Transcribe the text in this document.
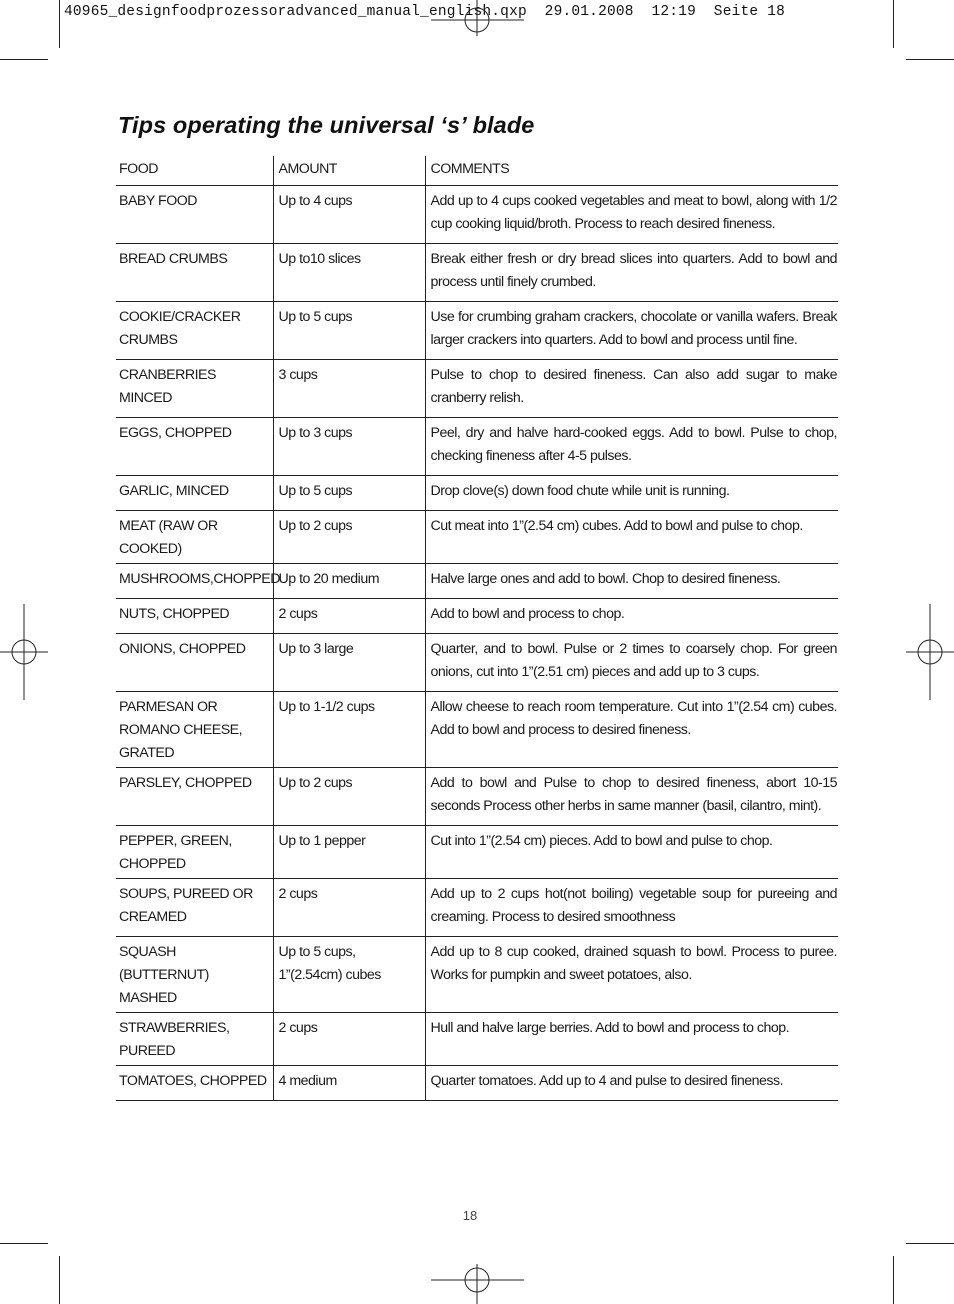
40965_designfoodprozessoradvanced_manual_english.qxp  29.01.2008  12:19  Seite 18
Tips operating the universal ‘s’ blade
FOOD	AMOUNT	COMMENTS
BABY FOOD	Up to 4 cups	Add up to 4 cups cooked vegetables and meat to bowl, along with 1/2 cup cooking liquid/broth. Process to reach desired fineness.
BREAD CRUMBS	Up to10 slices	Break either fresh or dry bread slices into quarters. Add to bowl and process until finely crumbed.
COOKIE/CRACKER CRUMBS	Up to 5 cups	Use for crumbing graham crackers, chocolate or vanilla wafers. Break larger crackers into quarters. Add to bowl and process until fine.
CRANBERRIES MINCED	3 cups	Pulse to chop to desired fineness. Can also add sugar to make cranberry relish.
EGGS, CHOPPED	Up to 3 cups	Peel, dry and halve hard-cooked eggs. Add to bowl. Pulse to chop, checking fineness after 4-5 pulses.
GARLIC, MINCED	Up to 5 cups	Drop clove(s) down food chute while unit is running.
MEAT (RAW OR COOKED)	Up to 2 cups	Cut meat into 1”(2.54 cm) cubes. Add to bowl and pulse to chop.
MUSHROOMS,CHOPPED	Up to 20 medium	Halve large ones and add to bowl. Chop to desired fineness.
NUTS, CHOPPED	2 cups	Add to bowl and process to chop.
ONIONS, CHOPPED	Up to 3 large	Quarter, and to bowl. Pulse or 2 times to coarsely chop. For green onions, cut into 1”(2.51 cm) pieces and add up to 3 cups.
PARMESAN OR ROMANO CHEESE, GRATED	Up to 1-1/2 cups	Allow cheese to reach room temperature. Cut into 1”(2.54 cm) cubes. Add to bowl and process to desired fineness.
PARSLEY, CHOPPED	Up to 2 cups	Add to bowl and Pulse to chop to desired fineness, abort 10-15 seconds Process other herbs in same manner (basil, cilantro, mint).
PEPPER, GREEN, CHOPPED	Up to 1 pepper	Cut into 1”(2.54 cm) pieces. Add to bowl and pulse to chop.
SOUPS, PUREED OR CREAMED	2 cups	Add up to 2 cups hot(not boiling) vegetable soup for pureeing and creaming. Process to desired smoothness
SQUASH (BUTTERNUT) MASHED	Up to 5 cups, 1”(2.54cm) cubes	Add up to 8 cup cooked, drained squash to bowl. Process to puree. Works for pumpkin and sweet potatoes, also.
STRAWBERRIES, PUREED	2 cups	Hull and halve large berries. Add to bowl and process to chop.
TOMATOES, CHOPPED	4 medium	Quarter tomatoes. Add up to 4 and pulse to desired fineness.
18
